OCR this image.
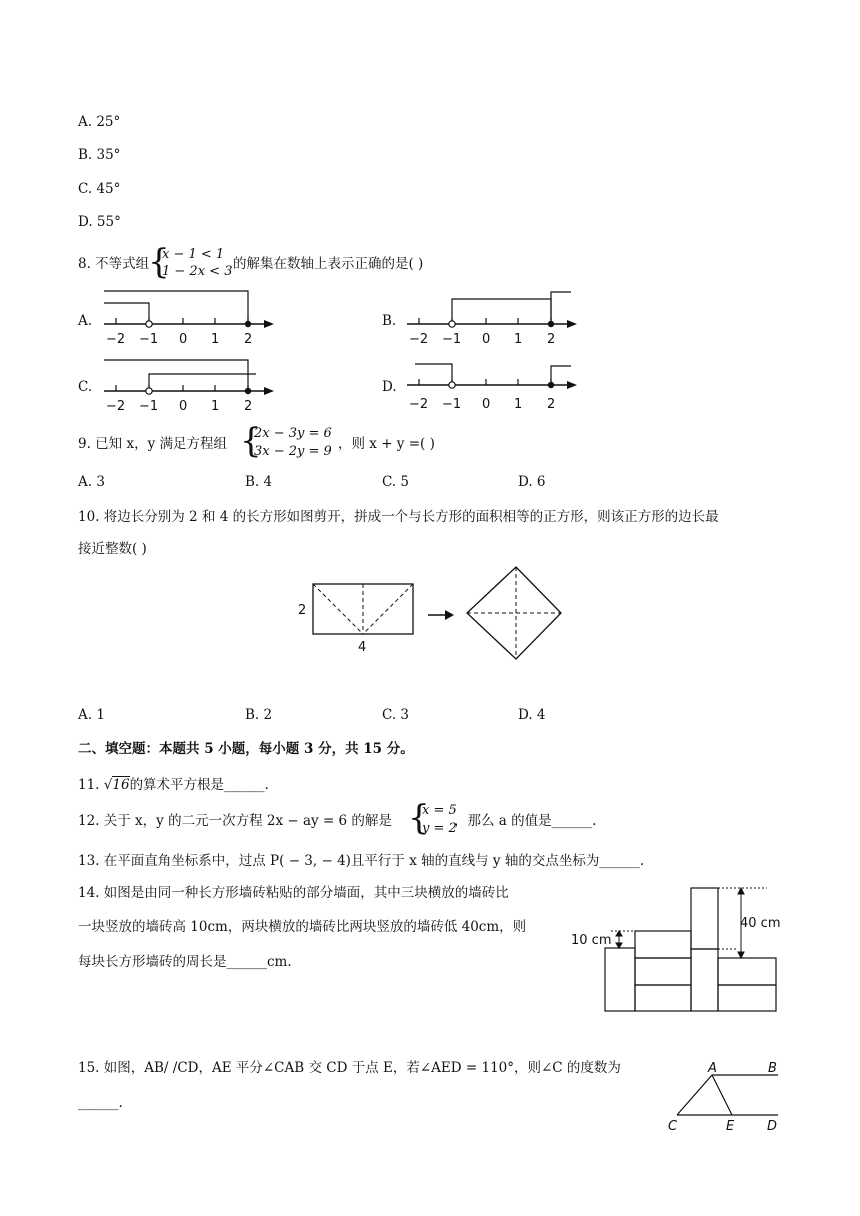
A. 25°
B. 35°
C. 45°
D. 55°
8. 不等式组
{
x − 1 < 1
1 − 2x < 3 的解集在数轴上表示正确的是( )
A.	B.
C.	D.
−2 −1 0 1 2	−2 −1 0 1 2
−2 −1 0 1 2	−2 −1 0 1 2
9. 已知 x，y 满足方程组 {
2x − 3y = 6
3x − 2y = 9 ，则 x + y =( )
A. 3	B. 4	C. 5	D. 6
10. 将边长分别为 2 和 4 的长方形如图剪开，拼成一个与长方形的面积相等的正方形，则该正方形的边长最
接近整数( )
2
4
A. 1	B. 2	C. 3	D. 4
二、填空题：本题共 5 小题，每小题 3 分，共 15 分。
11. √16的算术平方根是______.
12. 关于 x，y 的二元一次方程 2x − ay = 6 的解是 {
x = 5
y = 2
，那么 a 的值是______.
13. 在平面直角坐标系中，过点 P( − 3, − 4)且平行于 x 轴的直线与 y 轴的交点坐标为______.
14. 如图是由同一种长方形墙砖粘贴的部分墙面，其中三块横放的墙砖比
一块竖放的墙砖高 10cm，两块横放的墙砖比两块竖放的墙砖低 40cm，则
每块长方形墙砖的周长是______cm.
10 cm
40 cm
15. 如图，AB/ /CD，AE 平分∠CAB 交 CD 于点 E，若∠AED = 110°，则∠C 的度数为
______.
A	B
C	E	D
